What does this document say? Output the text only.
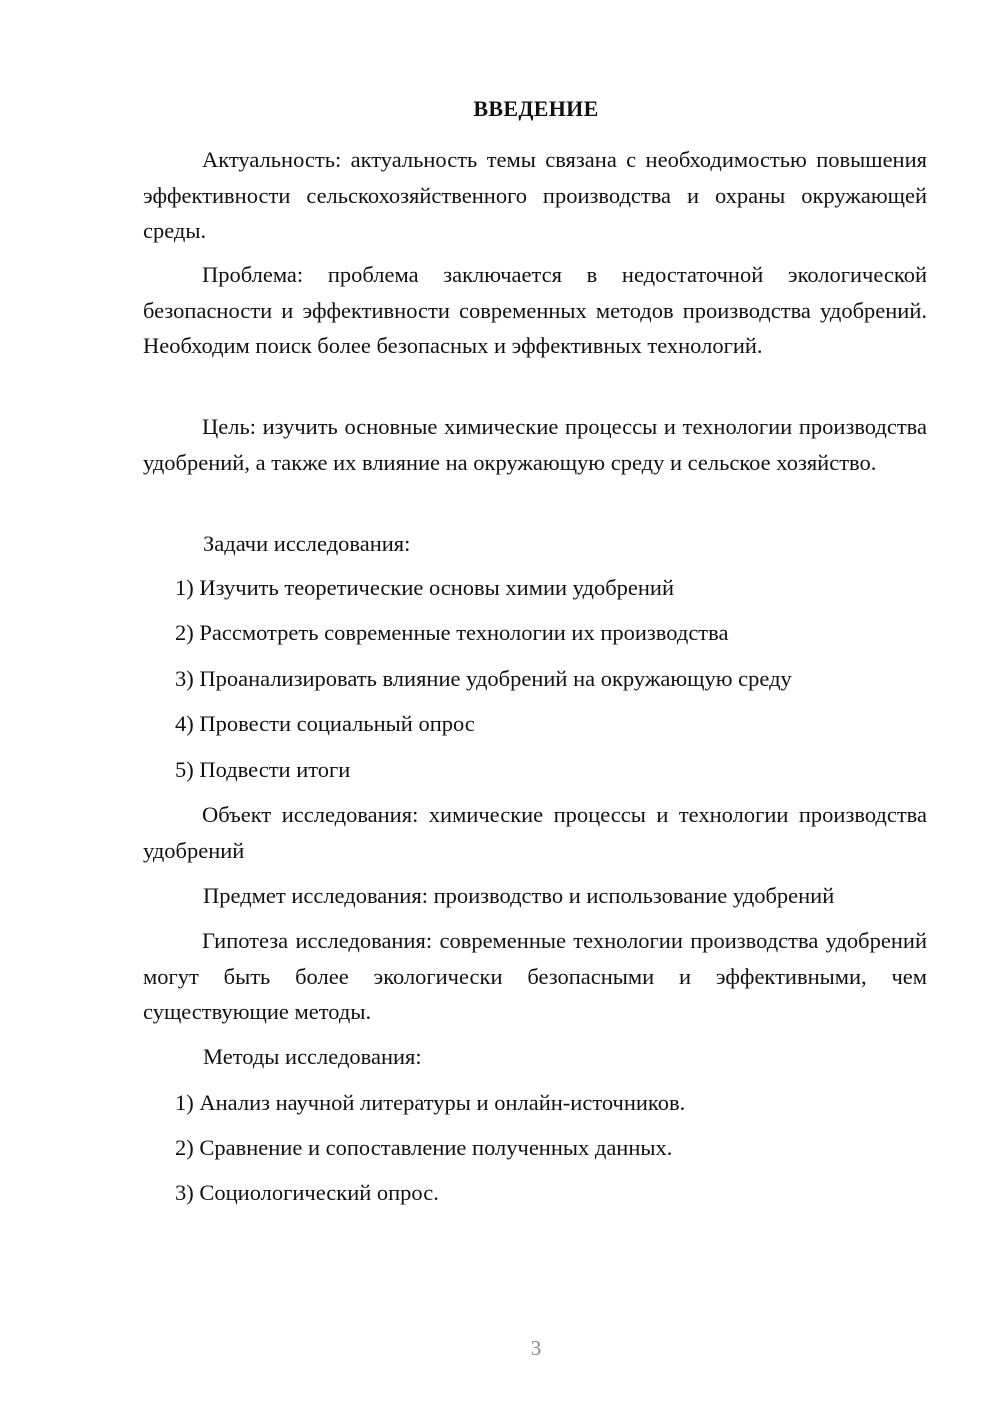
ВВЕДЕНИЕ
Актуальность: актуальность темы связана с необходимостью повышения эффективности сельскохозяйственного производства и охраны окружающей среды.
Проблема: проблема заключается в недостаточной экологической безопасности и эффективности современных методов производства удобрений. Необходим поиск более безопасных и эффективных технологий.
Цель: изучить основные химические процессы и технологии производства удобрений, а также их влияние на окружающую среду и сельское хозяйство.
Задачи исследования:
1) Изучить теоретические основы химии удобрений
2) Рассмотреть современные технологии их производства
3) Проанализировать влияние удобрений на окружающую среду
4) Провести социальный опрос
5) Подвести итоги
Объект исследования: химические процессы и технологии производства удобрений
Предмет исследования: производство и использование удобрений
Гипотеза исследования: современные технологии производства удобрений могут быть более экологически безопасными и эффективными, чем существующие методы.
Методы исследования:
1) Анализ научной литературы и онлайн-источников.
2) Сравнение и сопоставление полученных данных.
3) Социологический опрос.
3
